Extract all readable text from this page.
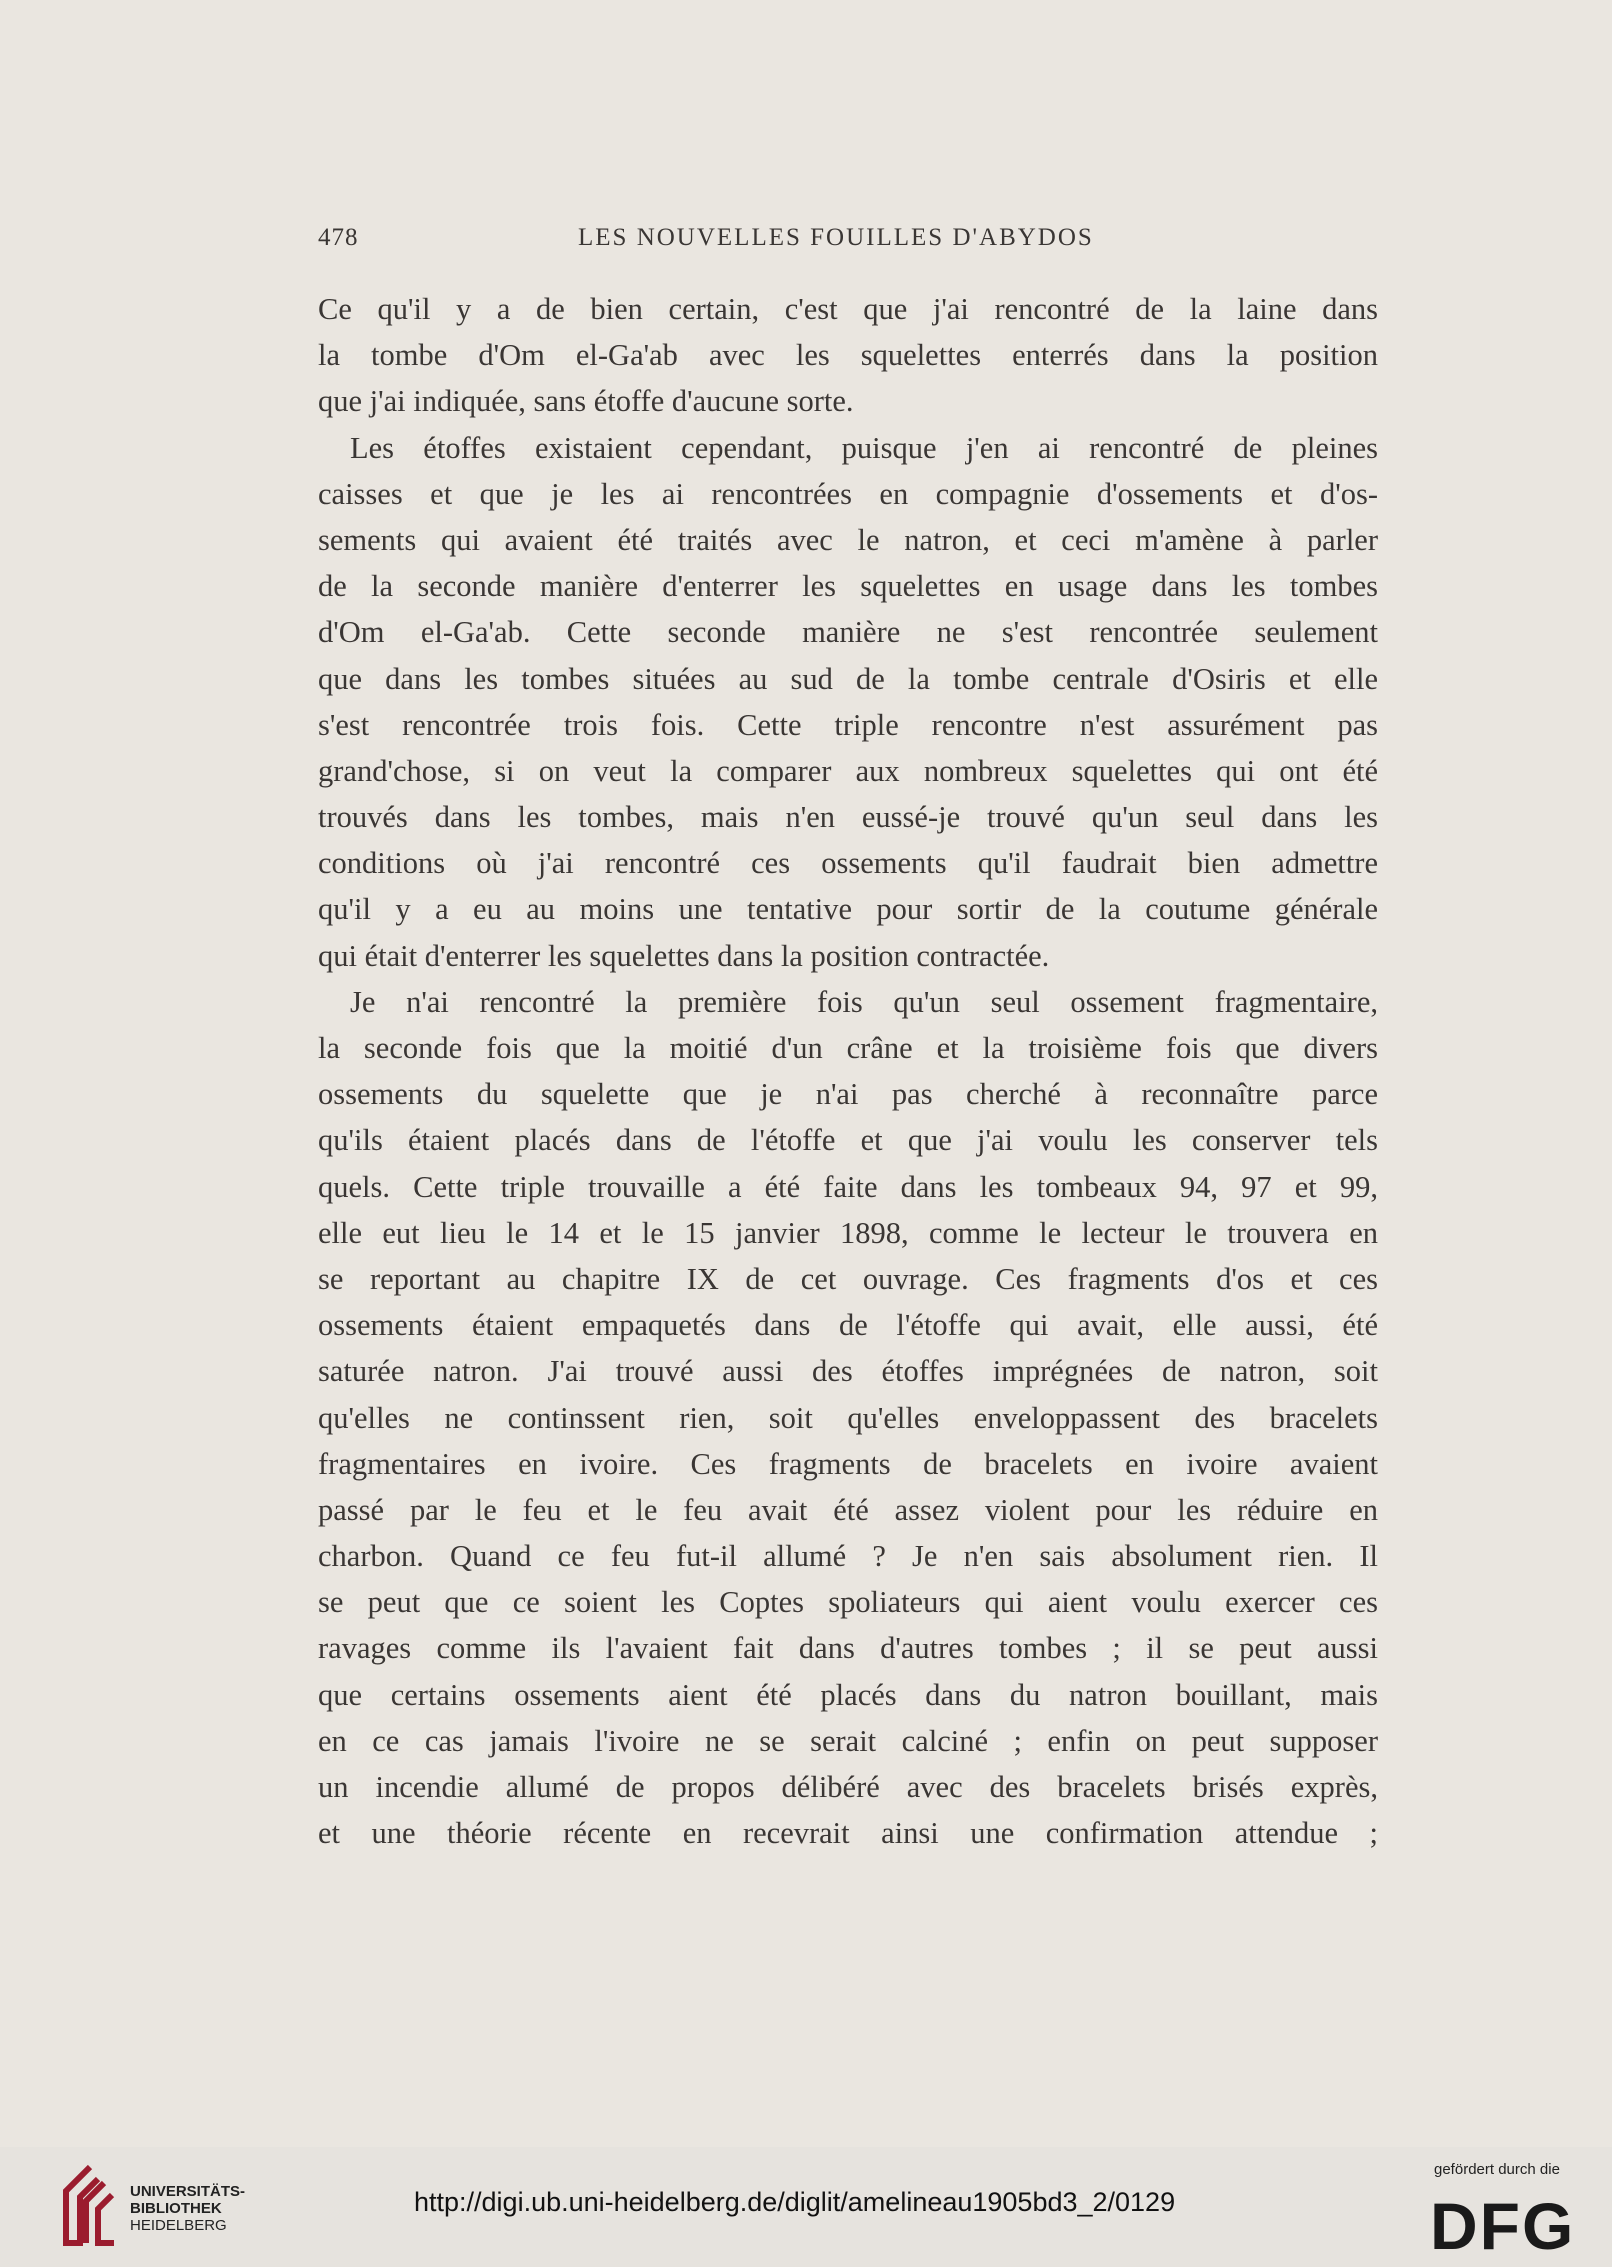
478	LES NOUVELLES FOUILLES D'ABYDOS
Ce qu'il y a de bien certain, c'est que j'ai rencontré de la laine dans
la tombe d'Om el-Ga'ab avec les squelettes enterrés dans la position
que j'ai indiquée, sans étoffe d'aucune sorte.
Les étoffes existaient cependant, puisque j'en ai rencontré de pleines
caisses et que je les ai rencontrées en compagnie d'ossements et d'os-
sements qui avaient été traités avec le natron, et ceci m'amène à parler
de la seconde manière d'enterrer les squelettes en usage dans les tombes
d'Om el-Ga'ab. Cette seconde manière ne s'est rencontrée seulement
que dans les tombes situées au sud de la tombe centrale d'Osiris et elle
s'est rencontrée trois fois. Cette triple rencontre n'est assurément pas
grand'chose, si on veut la comparer aux nombreux squelettes qui ont été
trouvés dans les tombes, mais n'en eussé-je trouvé qu'un seul dans les
conditions où j'ai rencontré ces ossements qu'il faudrait bien admettre
qu'il y a eu au moins une tentative pour sortir de la coutume générale
qui était d'enterrer les squelettes dans la position contractée.
Je n'ai rencontré la première fois qu'un seul ossement fragmentaire,
la seconde fois que la moitié d'un crâne et la troisième fois que divers
ossements du squelette que je n'ai pas cherché à reconnaître parce
qu'ils étaient placés dans de l'étoffe et que j'ai voulu les conserver tels
quels. Cette triple trouvaille a été faite dans les tombeaux 94, 97 et 99,
elle eut lieu le 14 et le 15 janvier 1898, comme le lecteur le trouvera en
se reportant au chapitre IX de cet ouvrage. Ces fragments d'os et ces
ossements étaient empaquetés dans de l'étoffe qui avait, elle aussi, été
saturée natron. J'ai trouvé aussi des étoffes imprégnées de natron, soit
qu'elles ne continssent rien, soit qu'elles enveloppassent des bracelets
fragmentaires en ivoire. Ces fragments de bracelets en ivoire avaient
passé par le feu et le feu avait été assez violent pour les réduire en
charbon. Quand ce feu fut-il allumé ? Je n'en sais absolument rien. Il
se peut que ce soient les Coptes spoliateurs qui aient voulu exercer ces
ravages comme ils l'avaient fait dans d'autres tombes ; il se peut aussi
que certains ossements aient été placés dans du natron bouillant, mais
en ce cas jamais l'ivoire ne se serait calciné ; enfin on peut supposer
un incendie allumé de propos délibéré avec des bracelets brisés exprès,
et une théorie récente en recevrait ainsi une confirmation attendue ;
UNIVERSITÄTS-
BIBLIOTHEK
HEIDELBERG
http://digi.ub.uni-heidelberg.de/diglit/amelineau1905bd3_2/0129
gefördert durch die
DFG
